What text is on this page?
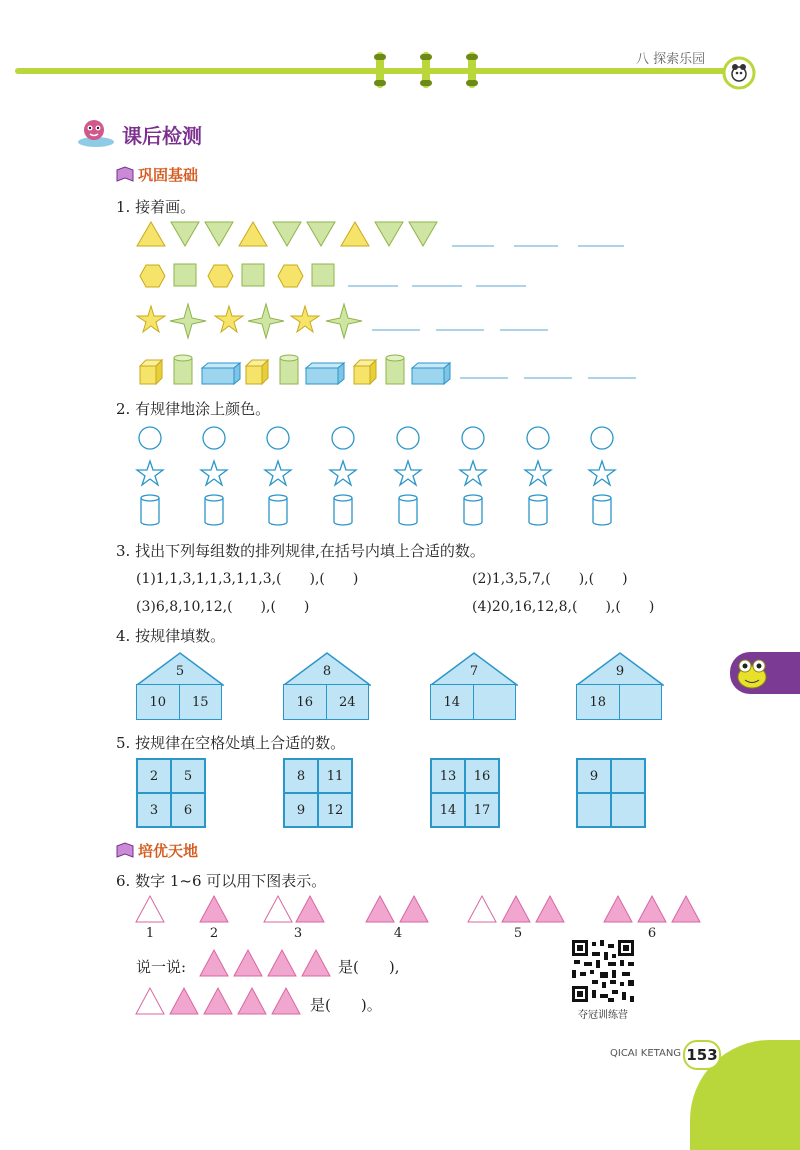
八 探索乐园
课后检测
巩固基础
1. 接着画。
2. 有规律地涂上颜色。
3. 找出下列每组数的排列规律,在括号内填上合适的数。
(1)1,1,3,1,1,3,1,1,3,(　　),(　　)	(2)1,3,5,7,(　　),(　　)
(3)6,8,10,12,(　　),(　　)	(4)20,16,12,8,(　　),(　　)
4. 按规律填数。
5
10	15
8
16	24
7
14
9
18
5. 按规律在空格处填上合适的数。
2	5
3	6
8	11
9	12
13	16
14	17
9
培优天地
6. 数字 1~6 可以用下图表示。
1	2	3	4	5	6
说一说:	是(　　),
是(　　)。
夺冠训练营
QICAI KETANG 153
